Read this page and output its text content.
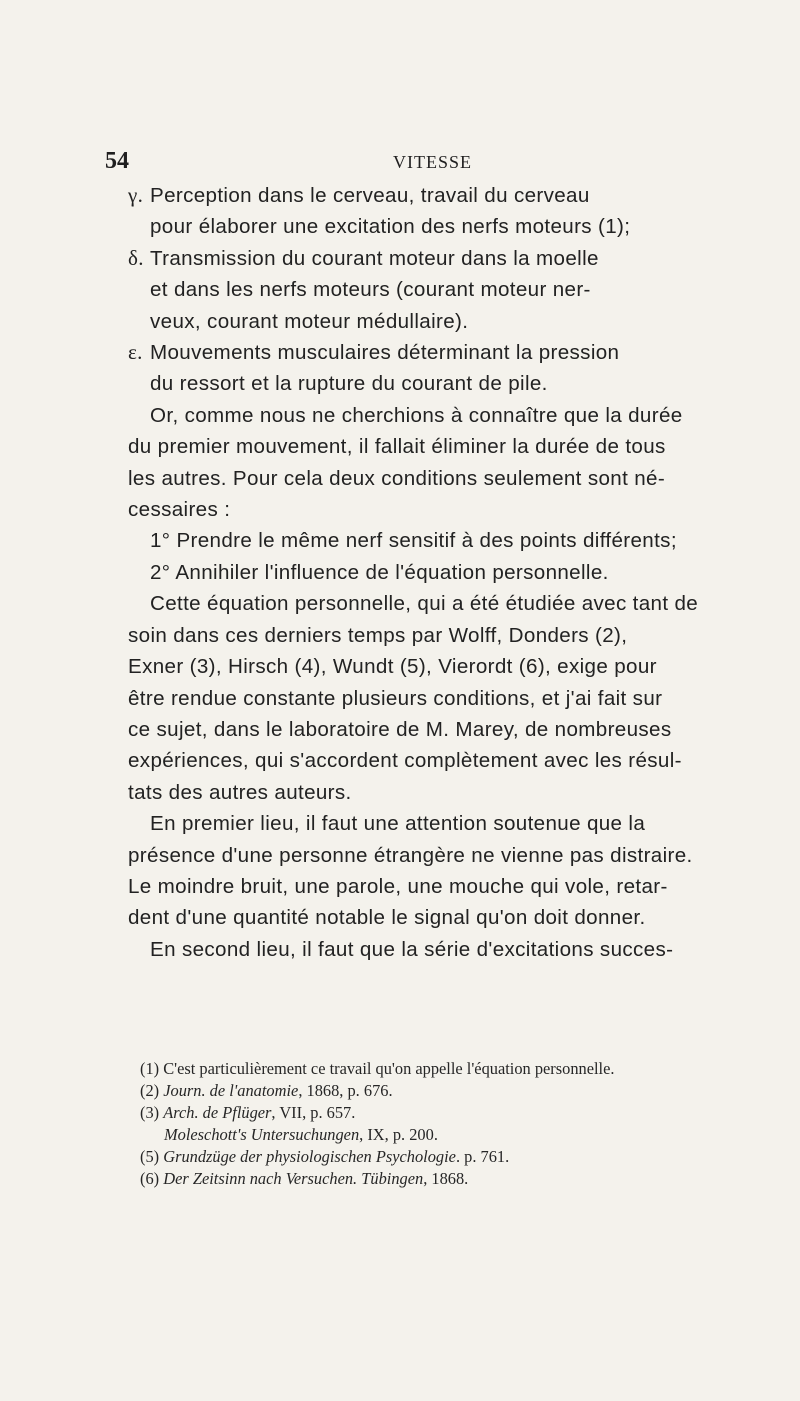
54	VITESSE
γ. Perception dans le cerveau, travail du cerveau
pour élaborer une excitation des nerfs moteurs (1);
δ. Transmission du courant moteur dans la moelle
et dans les nerfs moteurs (courant moteur ner-
veux, courant moteur médullaire).
ε. Mouvements musculaires déterminant la pression
du ressort et la rupture du courant de pile.
Or, comme nous ne cherchions à connaître que la durée
du premier mouvement, il fallait éliminer la durée de tous
les autres. Pour cela deux conditions seulement sont né-
cessaires :
1° Prendre le même nerf sensitif à des points différents;
2° Annihiler l'influence de l'équation personnelle.
Cette équation personnelle, qui a été étudiée avec tant de
soin dans ces derniers temps par Wolff, Donders (2),
Exner (3), Hirsch (4), Wundt (5), Vierordt (6), exige pour
être rendue constante plusieurs conditions, et j'ai fait sur
ce sujet, dans le laboratoire de M. Marey, de nombreuses
expériences, qui s'accordent complètement avec les résul-
tats des autres auteurs.
En premier lieu, il faut une attention soutenue que la
présence d'une personne étrangère ne vienne pas distraire.
Le moindre bruit, une parole, une mouche qui vole, retar-
dent d'une quantité notable le signal qu'on doit donner.
En second lieu, il faut que la série d'excitations succes-
(1) C'est particulièrement ce travail qu'on appelle l'équation personnelle.
(2) Journ. de l'anatomie, 1868, p. 676.
(3) Arch. de Pflüger, VII, p. 657.
Moleschott's Untersuchungen, IX, p. 200.
(5) Grundzüge der physiologischen Psychologie. p. 761.
(6) Der Zeitsinn nach Versuchen. Tübingen, 1868.
